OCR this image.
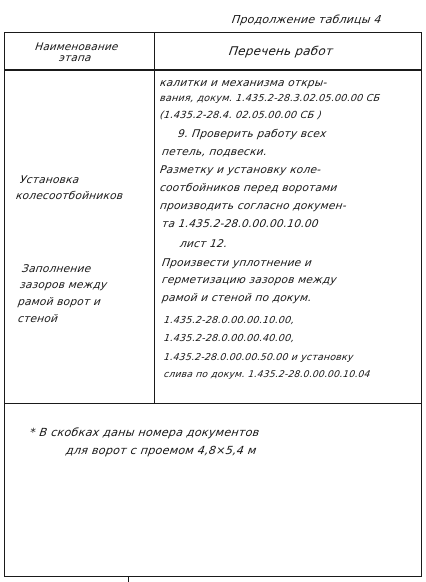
Продолжение таблицы 4
Наименование
этапа	Перечень работ
Установка
колесоотбойников
Заполнение
зазоров между
рамой ворот и
стеной
калитки и механизма откры-
вания, докум. 1.435.2-28.3.02.05.00.00 СБ
(1.435.2-28.4. 02.05.00.00 СБ )
9. Проверить работу всех
петель, подвески.
Разметку и установку коле-
соотбойников перед воротами
производить согласно докумен-
та 1.435.2-28.0.00.00.10.00
лист 12.
Произвести уплотнение и
герметизацию зазоров между
рамой и стеной по докум.
1.435.2-28.0.00.00.10.00,
1.435.2-28.0.00.00.40.00,
1.435.2-28.0.00.00.50.00 и установку
слива по докум. 1.435.2-28.0.00.00.10.04
* В скобках даны номера документов
для ворот с проемом 4,8×5,4 м
